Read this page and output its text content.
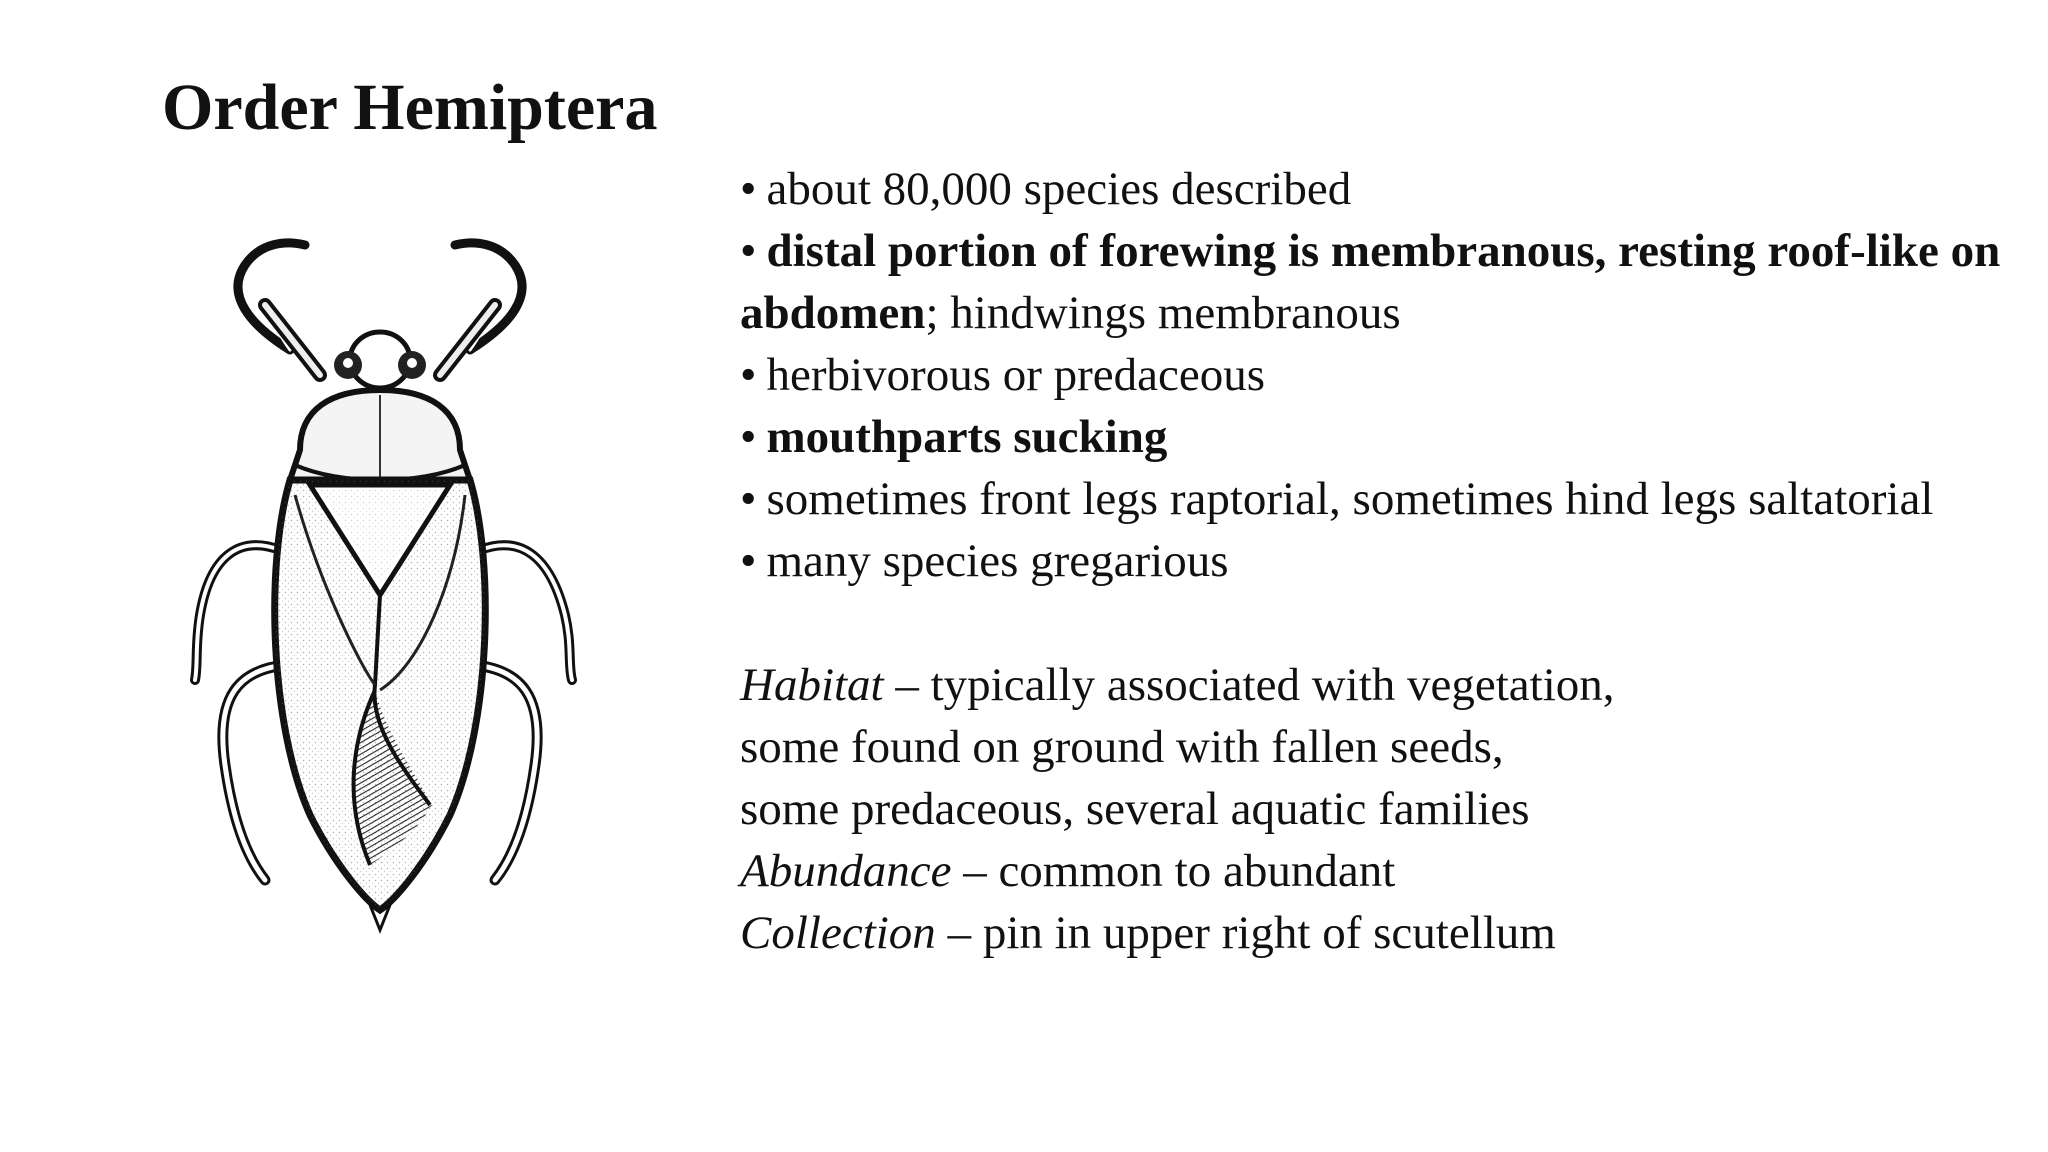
Order Hemiptera
• about 80,000 species described
• distal portion of forewing is membranous, resting roof-like on abdomen; hindwings membranous
• herbivorous or predaceous
• mouthparts sucking
• sometimes front legs raptorial, sometimes hind legs saltatorial
• many species gregarious

Habitat – typically associated with vegetation,

some found on ground with fallen seeds,

some predaceous, several aquatic families

Abundance – common to abundant

Collection – pin in upper right of scutellum
